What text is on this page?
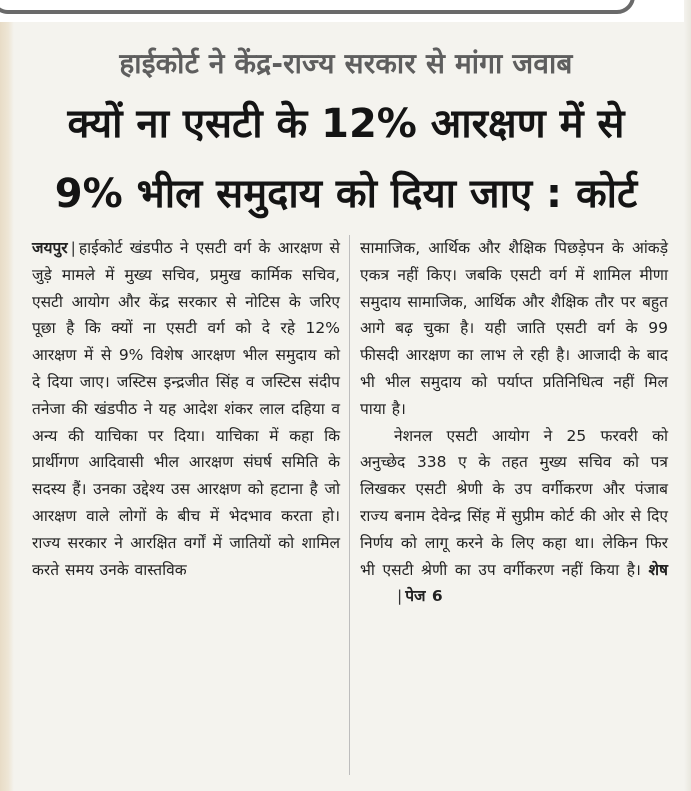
हाईकोर्ट ने केंद्र-राज्य सरकार से मांगा जवाब
क्यों ना एसटी के 12% आरक्षण में से
9% भील समुदाय को दिया जाए : कोर्ट

जयपुर | हाईकोर्ट खंडपीठ ने एसटी वर्ग के आरक्षण से जुड़े मामले में मुख्य सचिव, प्रमुख कार्मिक सचिव, एसटी आयोग और केंद्र सरकार से नोटिस के जरिए पूछा है कि क्यों ना एसटी वर्ग को दे रहे 12% आरक्षण में से 9% विशेष आरक्षण भील समुदाय को दे दिया जाए। जस्टिस इन्द्रजीत सिंह व जस्टिस संदीप तनेजा की खंडपीठ ने यह आदेश शंकर लाल दहिया व अन्य की याचिका पर दिया। याचिका में कहा कि प्रार्थीगण आदिवासी भील आरक्षण संघर्ष समिति के सदस्य हैं। उनका उद्देश्य उस आरक्षण को हटाना है जो आरक्षण वाले लोगों के बीच में भेदभाव करता हो। राज्य सरकार ने आरक्षित वर्गों में जातियों को शामिल करते समय उनके वास्तविक

सामाजिक, आर्थिक और शैक्षिक पिछड़ेपन के आंकड़े एकत्र नहीं किए। जबकि एसटी वर्ग में शामिल मीणा समुदाय सामाजिक, आर्थिक और शैक्षिक तौर पर बहुत आगे बढ़ चुका है। यही जाति एसटी वर्ग के 99 फीसदी आरक्षण का लाभ ले रही है। आजादी के बाद भी भील समुदाय को पर्याप्त प्रतिनिधित्व नहीं मिल पाया है।

नेशनल एसटी आयोग ने 25 फरवरी को अनुच्छेद 338 ए के तहत मुख्य सचिव को पत्र लिखकर एसटी श्रेणी के उप वर्गीकरण और पंजाब राज्य बनाम देवेन्द्र सिंह में सुप्रीम कोर्ट की ओर से दिए निर्णय को लागू करने के लिए कहा था। लेकिन फिर भी एसटी श्रेणी का उप वर्गीकरण नहीं किया है। शेष| पेज 6
